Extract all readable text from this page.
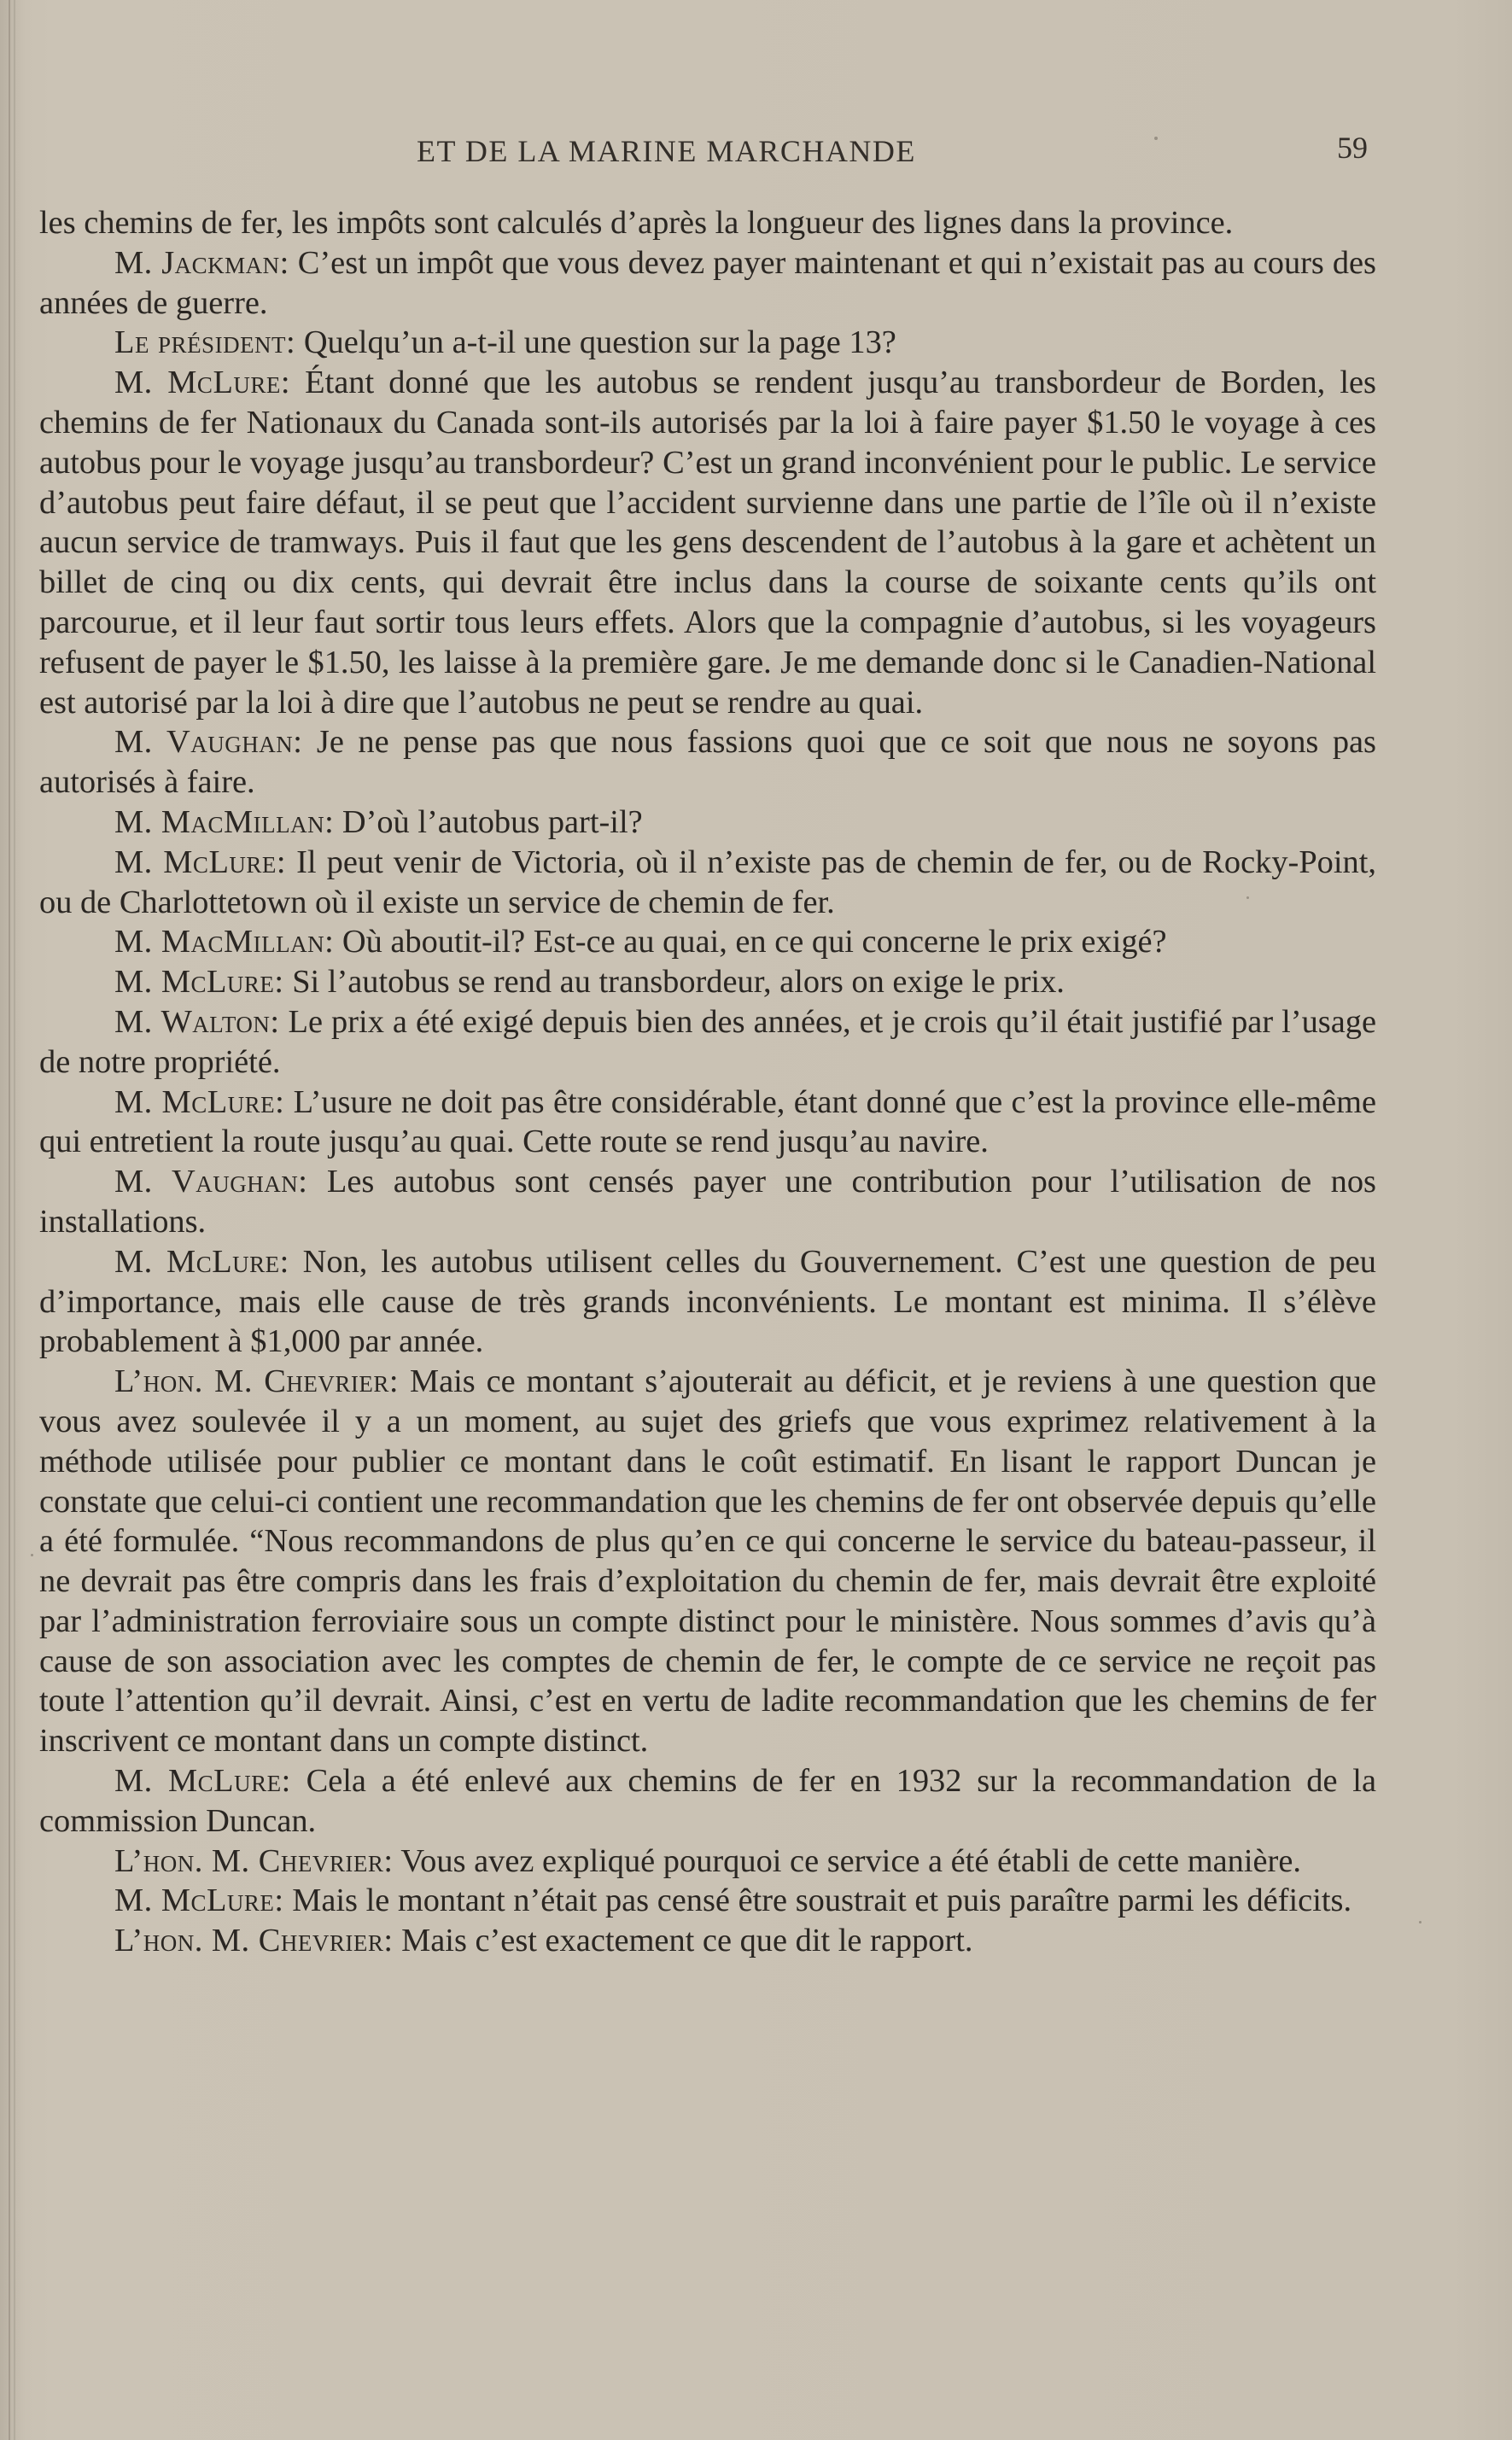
ET DE LA MARINE MARCHANDE	59

les chemins de fer, les impôts sont calculés d’après la longueur des lignes dans la province.

M. Jackman: C’est un impôt que vous devez payer maintenant et qui n’existait pas au cours des années de guerre.

Le président: Quelqu’un a-t-il une question sur la page 13?

M. McLure: Étant donné que les autobus se rendent jusqu’au transbordeur de Borden, les chemins de fer Nationaux du Canada sont-ils autorisés par la loi à faire payer $1.50 le voyage à ces autobus pour le voyage jusqu’au transbordeur? C’est un grand inconvénient pour le public. Le service d’autobus peut faire défaut, il se peut que l’accident survienne dans une partie de l’île où il n’existe aucun service de tramways. Puis il faut que les gens descendent de l’autobus à la gare et achètent un billet de cinq ou dix cents, qui devrait être inclus dans la course de soixante cents qu’ils ont parcourue, et il leur faut sortir tous leurs effets. Alors que la compagnie d’autobus, si les voyageurs refusent de payer le $1.50, les laisse à la première gare. Je me demande donc si le Canadien-National est autorisé par la loi à dire que l’autobus ne peut se rendre au quai.

M. Vaughan: Je ne pense pas que nous fassions quoi que ce soit que nous ne soyons pas autorisés à faire.

M. MacMillan: D’où l’autobus part-il?

M. McLure: Il peut venir de Victoria, où il n’existe pas de chemin de fer, ou de Rocky-Point, ou de Charlottetown où il existe un service de chemin de fer.

M. MacMillan: Où aboutit-il? Est-ce au quai, en ce qui concerne le prix exigé?

M. McLure: Si l’autobus se rend au transbordeur, alors on exige le prix.

M. Walton: Le prix a été exigé depuis bien des années, et je crois qu’il était justifié par l’usage de notre propriété.

M. McLure: L’usure ne doit pas être considérable, étant donné que c’est la province elle-même qui entretient la route jusqu’au quai. Cette route se rend jusqu’au navire.

M. Vaughan: Les autobus sont censés payer une contribution pour l’utilisation de nos installations.

M. McLure: Non, les autobus utilisent celles du Gouvernement. C’est une question de peu d’importance, mais elle cause de très grands inconvénients. Le montant est minima. Il s’élève probablement à $1,000 par année.

L’hon. M. Chevrier: Mais ce montant s’ajouterait au déficit, et je reviens à une question que vous avez soulevée il y a un moment, au sujet des griefs que vous exprimez relativement à la méthode utilisée pour publier ce montant dans le coût estimatif. En lisant le rapport Duncan je constate que celui-ci contient une recommandation que les chemins de fer ont observée depuis qu’elle a été formulée. “Nous recommandons de plus qu’en ce qui concerne le service du bateau-passeur, il ne devrait pas être compris dans les frais d’exploitation du chemin de fer, mais devrait être exploité par l’administration ferroviaire sous un compte distinct pour le ministère. Nous sommes d’avis qu’à cause de son association avec les comptes de chemin de fer, le compte de ce service ne reçoit pas toute l’attention qu’il devrait. Ainsi, c’est en vertu de ladite recommandation que les chemins de fer inscrivent ce montant dans un compte distinct.

M. McLure: Cela a été enlevé aux chemins de fer en 1932 sur la recommandation de la commission Duncan.

L’hon. M. Chevrier: Vous avez expliqué pourquoi ce service a été établi de cette manière.

M. McLure: Mais le montant n’était pas censé être soustrait et puis paraître parmi les déficits.

L’hon. M. Chevrier: Mais c’est exactement ce que dit le rapport.
